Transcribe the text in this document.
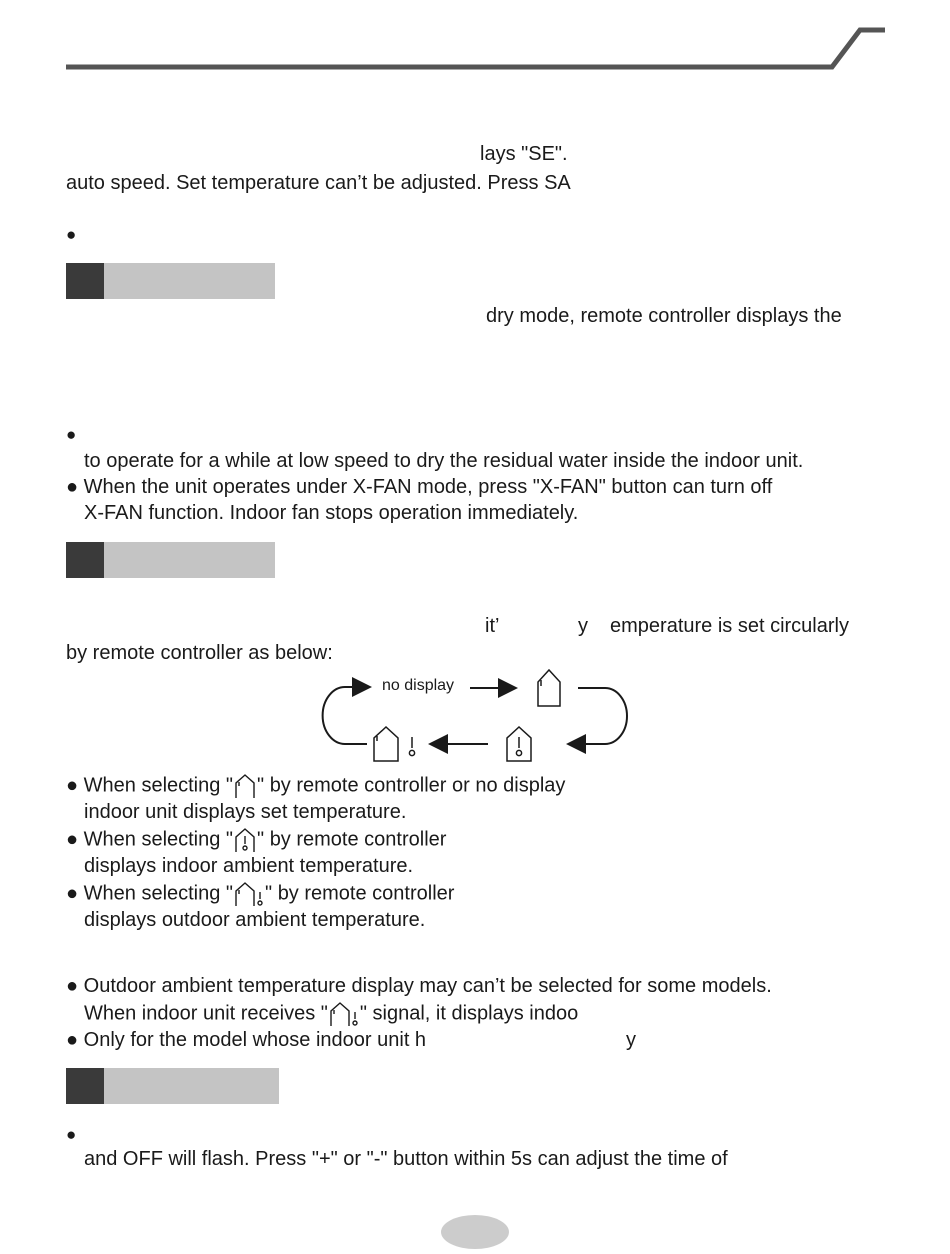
lays "SE".
auto speed. Set temperature can’t be adjusted. Press SA
●
dry mode, remote controller displays the
●
to operate for a while at low speed to dry the residual water inside the indoor unit.
● When the unit operates under X-FAN mode, press "X-FAN" button can turn off
X-FAN function. Indoor fan stops operation immediately.
it’	y emperature is set circularly
by remote controller as below:
no display
● When selecting " " by remote controller or no display
indoor unit displays set temperature.
● When selecting " " by remote controller
displays indoor ambient temperature.
● When selecting " " by remote controller
displays outdoor ambient temperature.
● Outdoor ambient temperature display may can’t be selected for some models.
When indoor unit receives " " signal, it displays indoo
● Only for the model whose indoor unit h	y
●
and OFF will flash. Press "+" or "-" button within 5s can adjust the time of
